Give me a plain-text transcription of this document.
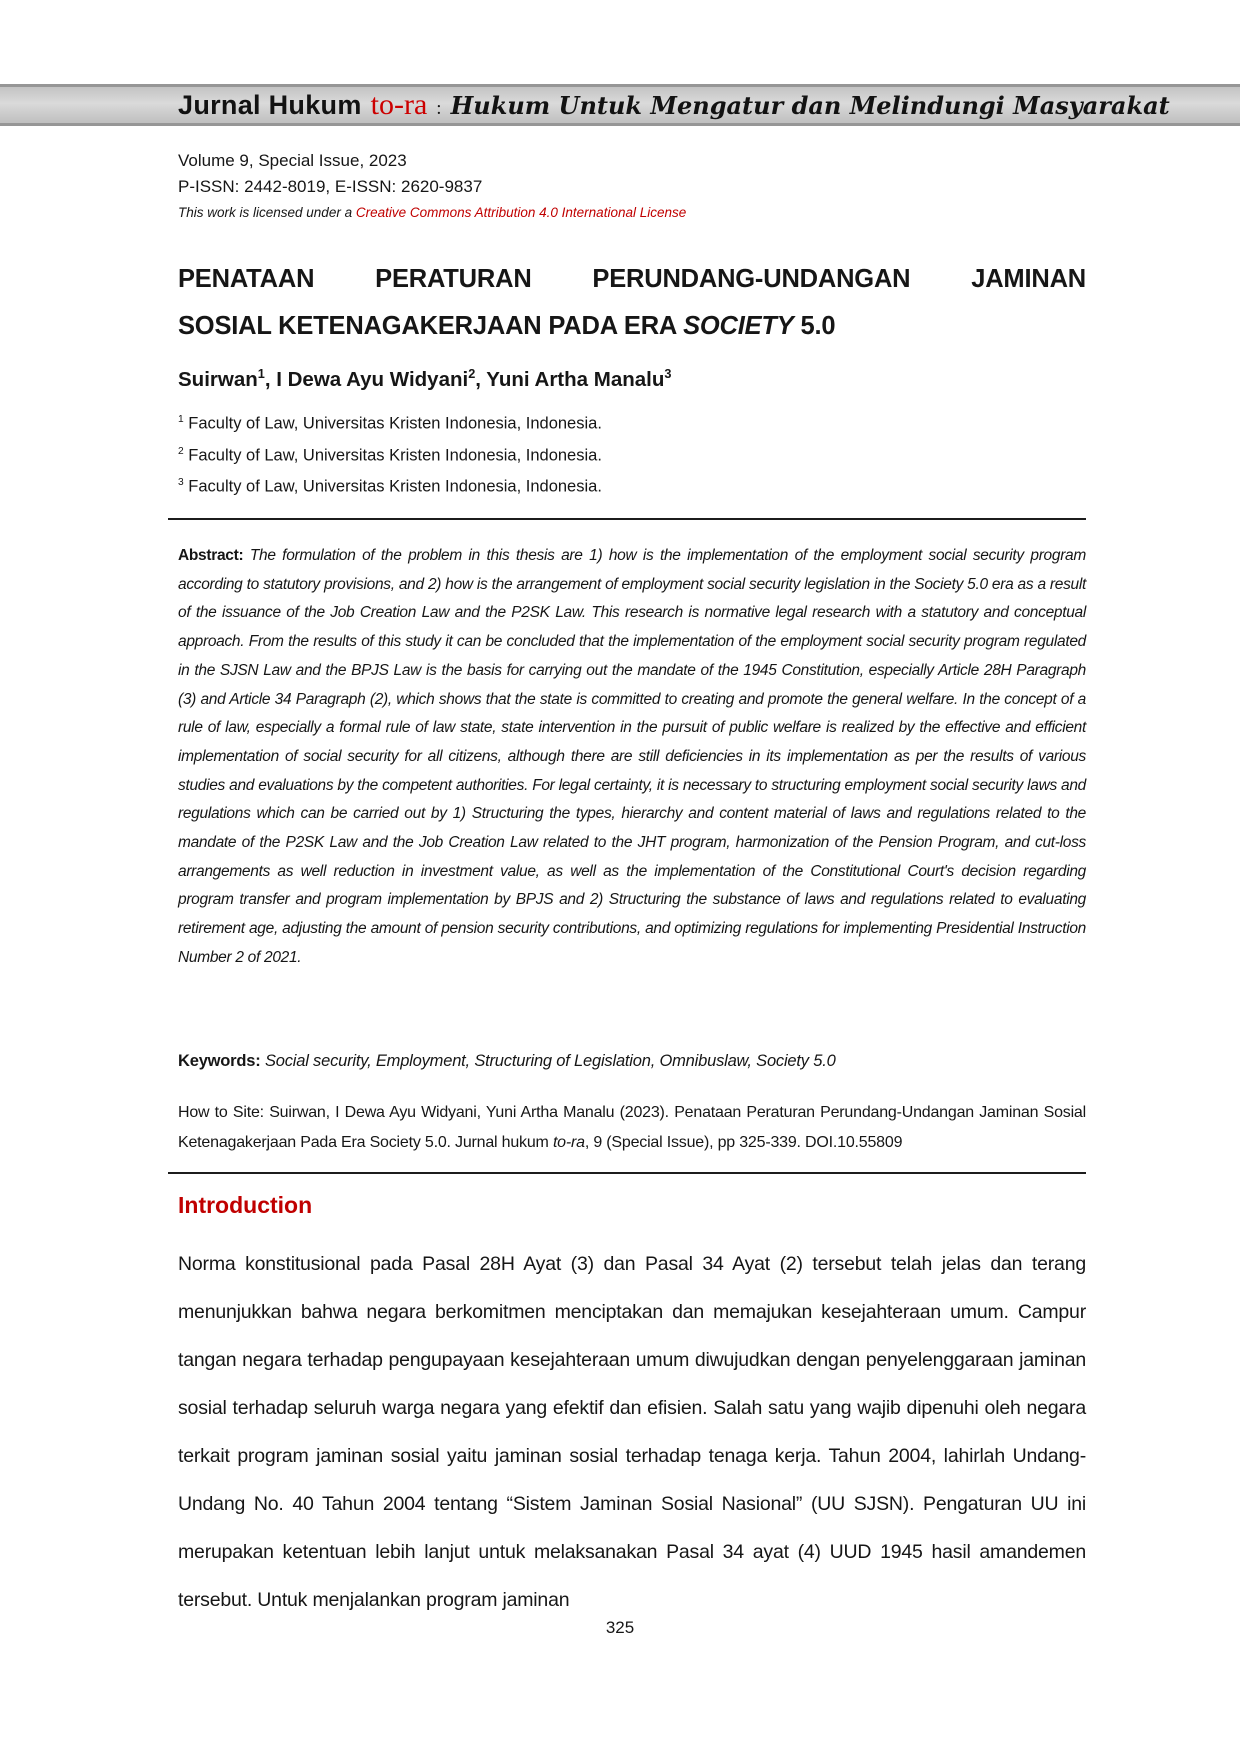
Jurnal Hukum to-ra : Hukum Untuk Mengatur dan Melindungi Masyarakat
Volume 9, Special Issue, 2023
P-ISSN: 2442-8019, E-ISSN: 2620-9837
This work is licensed under a Creative Commons Attribution 4.0 International License
PENATAAN PERATURAN PERUNDANG-UNDANGAN JAMINAN
SOSIAL KETENAGAKERJAAN PADA ERA SOCIETY 5.0
Suirwan$^1$, I Dewa Ayu Widyani$^2$, Yuni Artha Manalu$^3$
$^1$ Faculty of Law, Universitas Kristen Indonesia, Indonesia.
$^2$ Faculty of Law, Universitas Kristen Indonesia, Indonesia.
$^3$ Faculty of Law, Universitas Kristen Indonesia, Indonesia.
Abstract: The formulation of the problem in this thesis are 1) how is the implementation of the employment social security program according to statutory provisions, and 2) how is the arrangement of employment social security legislation in the Society 5.0 era as a result of the issuance of the Job Creation Law and the P2SK Law. This research is normative legal research with a statutory and conceptual approach. From the results of this study it can be concluded that the implementation of the employment social security program regulated in the SJSN Law and the BPJS Law is the basis for carrying out the mandate of the 1945 Constitution, especially Article 28H Paragraph (3) and Article 34 Paragraph (2), which shows that the state is committed to creating and promote the general welfare. In the concept of a rule of law, especially a formal rule of law state, state intervention in the pursuit of public welfare is realized by the effective and efficient implementation of social security for all citizens, although there are still deficiencies in its implementation as per the results of various studies and evaluations by the competent authorities. For legal certainty, it is necessary to structuring employment social security laws and regulations which can be carried out by 1) Structuring the types, hierarchy and content material of laws and regulations related to the mandate of the P2SK Law and the Job Creation Law related to the JHT program, harmonization of the Pension Program, and cut-loss arrangements as well reduction in investment value, as well as the implementation of the Constitutional Court's decision regarding program transfer and program implementation by BPJS and 2) Structuring the substance of laws and regulations related to evaluating retirement age, adjusting the amount of pension security contributions, and optimizing regulations for implementing Presidential Instruction Number 2 of 2021.
Keywords: Social security, Employment, Structuring of Legislation, Omnibuslaw, Society 5.0
How to Site: Suirwan, I Dewa Ayu Widyani, Yuni Artha Manalu (2023). Penataan Peraturan Perundang-Undangan Jaminan Sosial Ketenagakerjaan Pada Era Society 5.0. Jurnal hukum to-ra, 9 (Special Issue), pp 325-339. DOI.10.55809
Introduction
Norma konstitusional pada Pasal 28H Ayat (3) dan Pasal 34 Ayat (2) tersebut telah jelas dan terang menunjukkan bahwa negara berkomitmen menciptakan dan memajukan kesejahteraan umum. Campur tangan negara terhadap pengupayaan kesejahteraan umum diwujudkan dengan penyelenggaraan jaminan sosial terhadap seluruh warga negara yang efektif dan efisien. Salah satu yang wajib dipenuhi oleh negara terkait program jaminan sosial yaitu jaminan sosial terhadap tenaga kerja. Tahun 2004, lahirlah Undang-Undang No. 40 Tahun 2004 tentang “Sistem Jaminan Sosial Nasional” (UU SJSN). Pengaturan UU ini merupakan ketentuan lebih lanjut untuk melaksanakan Pasal 34 ayat (4) UUD 1945 hasil amandemen tersebut. Untuk menjalankan program jaminan
325
